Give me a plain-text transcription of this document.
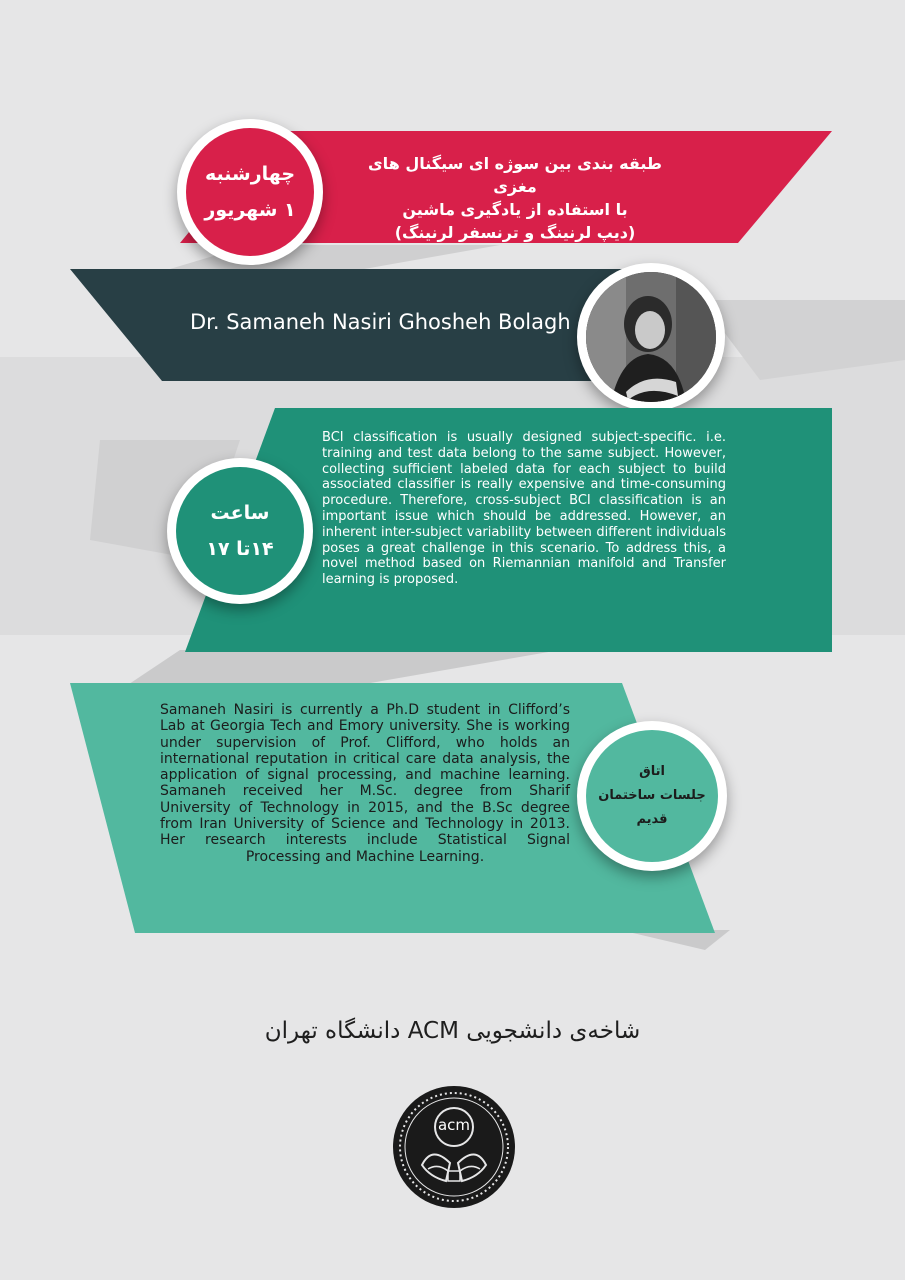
طبقه بندی بین سوژه ای سیگنال های مغزی
با استفاده از یادگیری ماشین
(دیپ لرنینگ و ترنسفر لرنینگ)
چهارشنبه
۱ شهریور
Dr. Samaneh Nasiri Ghosheh Bolagh
BCI classification is usually designed subject-specific. i.e. training and test data belong to the same subject. However, collecting sufficient labeled data for each subject to build associated classifier is really expensive and time-consuming procedure. Therefore, cross-subject BCI classification is an important issue which should be addressed. However, an inherent inter-subject variability between different individuals poses a great challenge in this scenario. To address this, a novel method based on Riemannian manifold and Transfer learning is proposed.
ساعت
۱۴تا ۱۷
Samaneh Nasiri is currently a Ph.D student in Clifford’s Lab at Georgia Tech and Emory university. She is working under supervision of Prof. Clifford, who holds an international reputation in critical care data analysis, the application of signal processing, and machine learning. Samaneh received her M.Sc. degree from Sharif University of Technology in 2015, and the B.Sc degree from Iran University of Science and Technology in 2013. Her research interests include Statistical Signal Processing and Machine Learning.
اتاق
جلسات ساختمان
قدیم
شاخه‌ی دانشجویی ACM دانشگاه تهران
acm
